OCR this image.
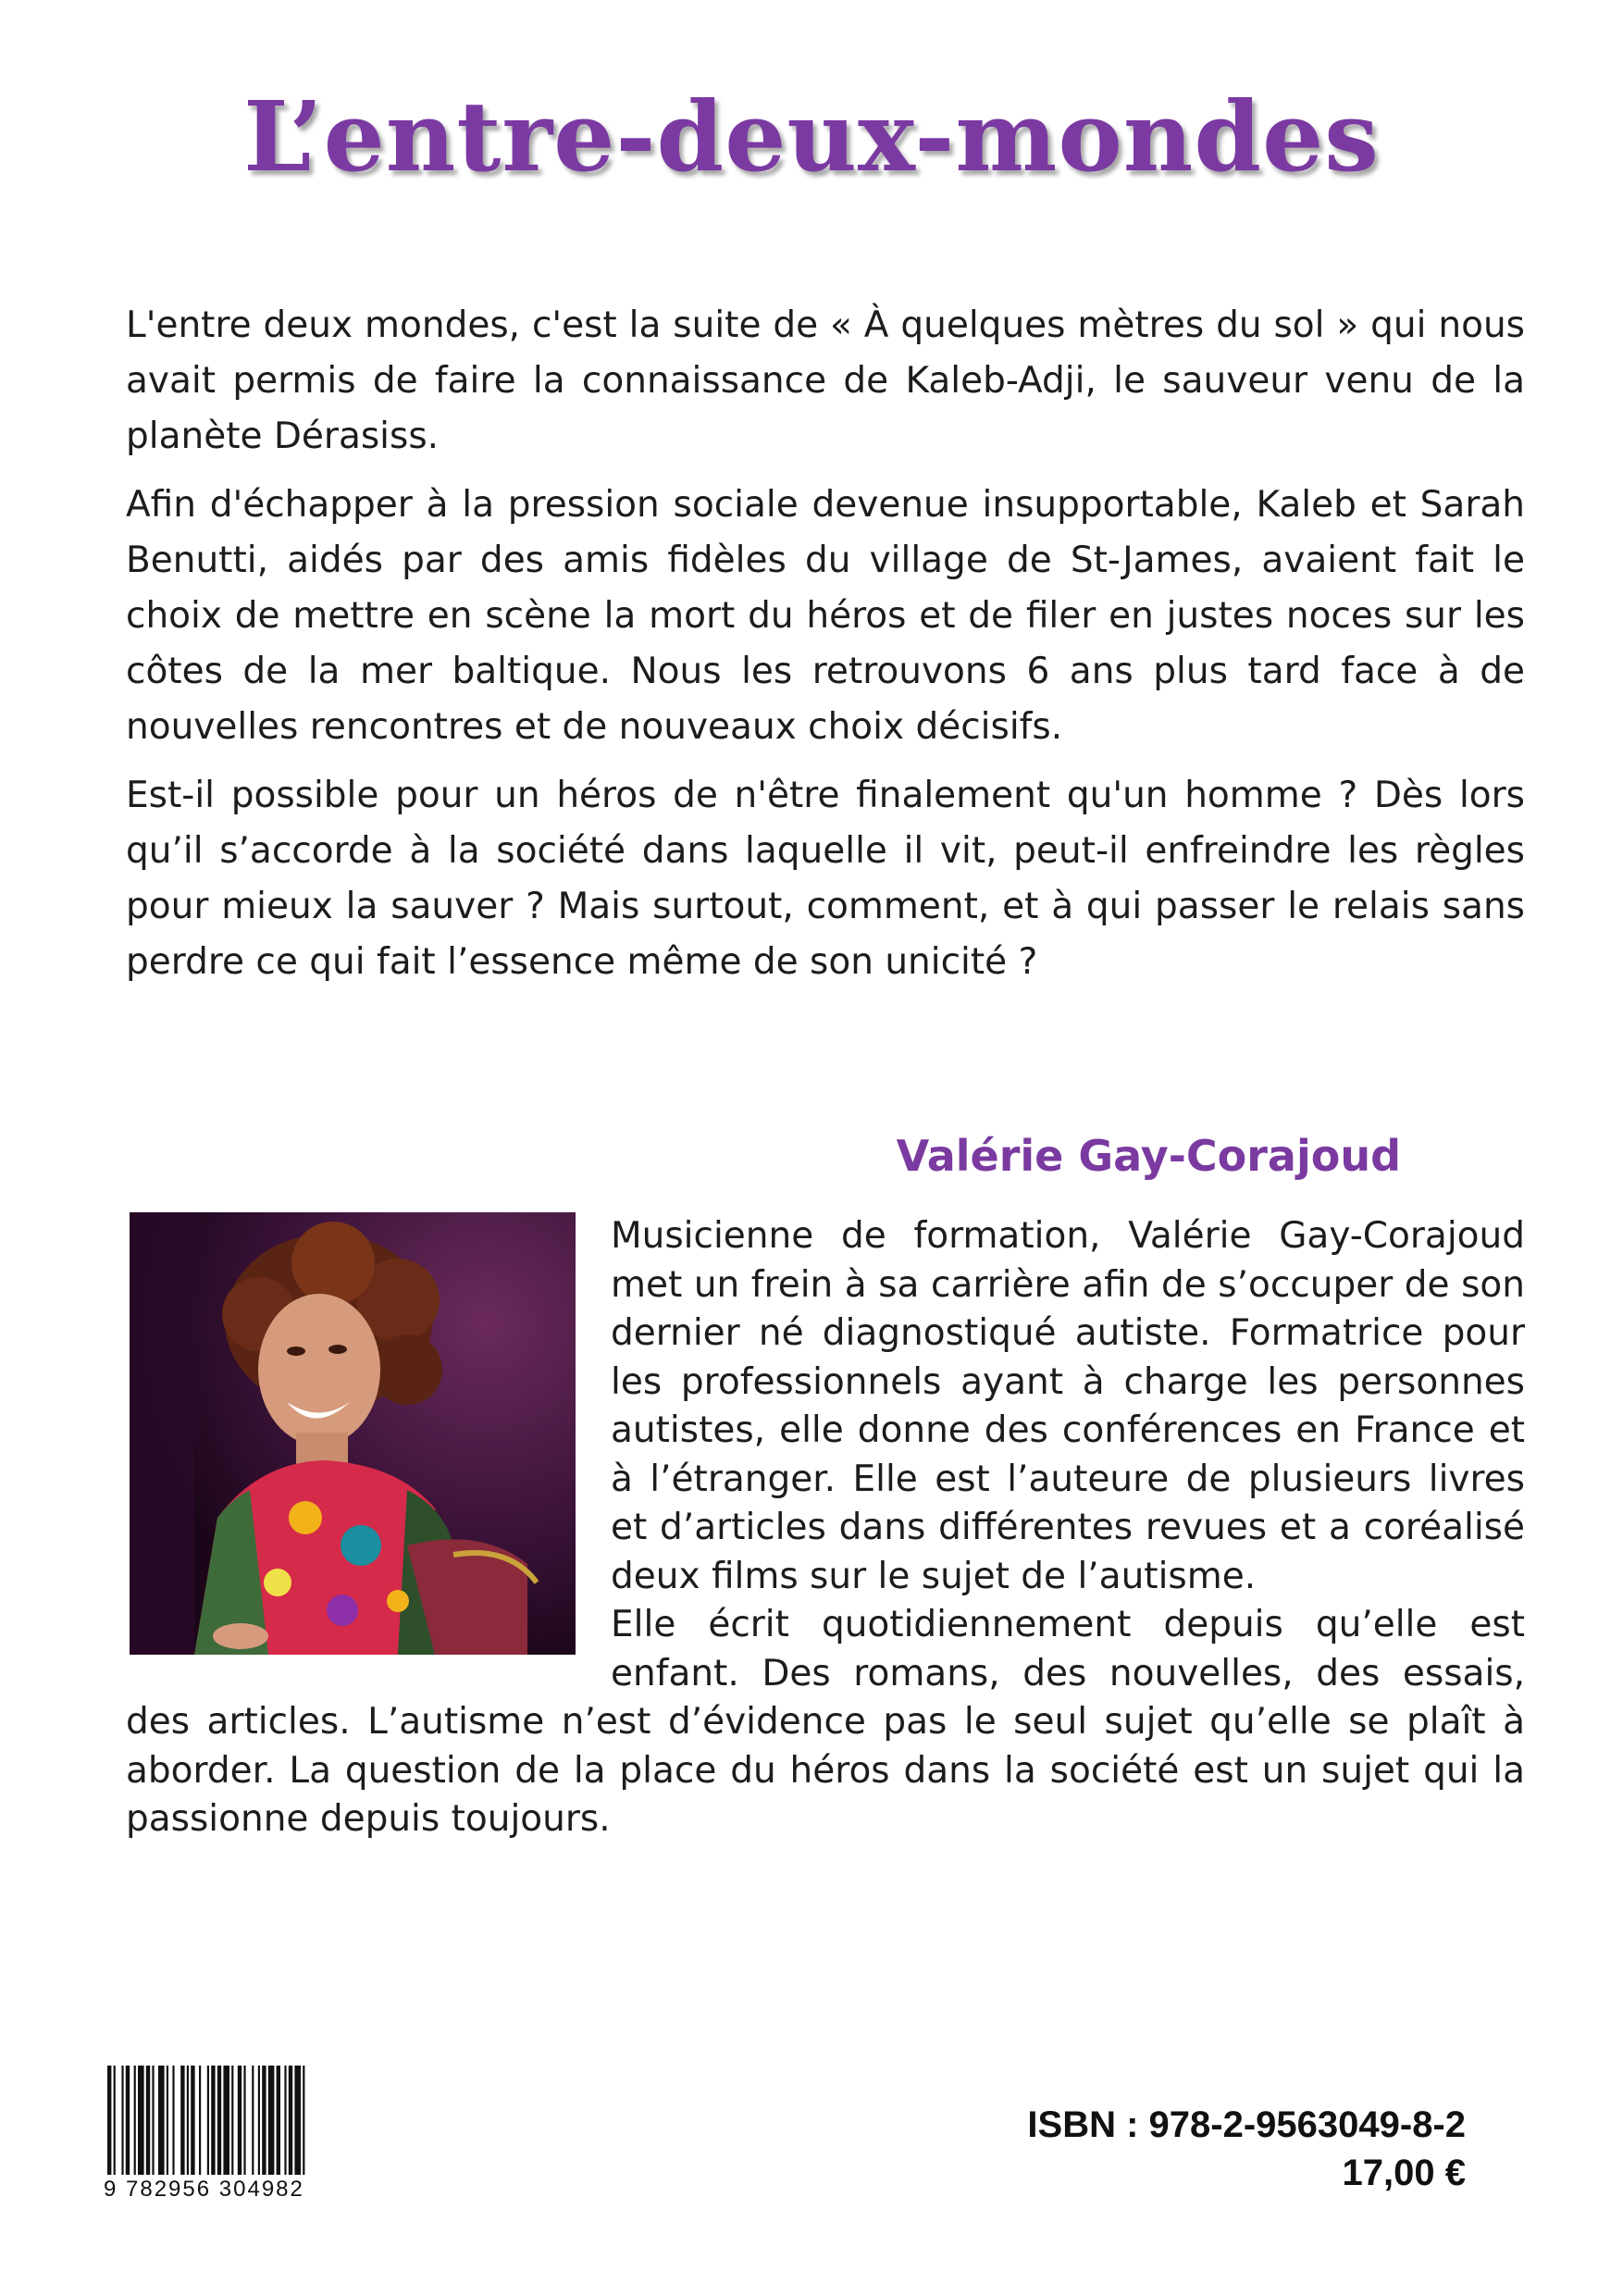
L’entre-deux-mondes

L'entre deux mondes, c'est la suite de « À quelques mètres du sol » qui nous avait permis de faire la connaissance de Kaleb-Adji, le sauveur venu de la planète Dérasiss.

Afin d'échapper à la pression sociale devenue insupportable, Kaleb et Sarah Benutti, aidés par des amis fidèles du village de St-James, avaient fait le choix de mettre en scène la mort du héros et de filer en justes noces sur les côtes de la mer baltique. Nous les retrouvons 6 ans plus tard face à de nouvelles rencontres et de nouveaux choix décisifs.

Est-il possible pour un héros de n'être finalement qu'un homme ? Dès lors qu’il s’accorde à la société dans laquelle il vit, peut-il enfreindre les règles pour mieux la sauver ? Mais surtout, comment, et à qui passer le relais sans perdre ce qui fait l’essence même de son unicité ?

Valérie Gay-Corajoud

Musicienne de formation, Valérie Gay-Corajoud met un frein à sa carrière afin de s’occuper de son dernier né diagnostiqué autiste. Formatrice pour les professionnels ayant à charge les personnes autistes, elle donne des conférences en France et à l’étranger. Elle est l’auteure de plusieurs livres et d’articles dans différentes revues et a coréalisé deux films sur le sujet de l’autisme.

Elle écrit quotidiennement depuis qu’elle est enfant. Des romans, des nouvelles, des essais, des articles. L’autisme n’est d’évidence pas le seul sujet qu’elle se plaît à aborder. La question de la place du héros dans la société est un sujet qui la passionne depuis toujours.

9 782956 304982

ISBN : 978-2-9563049-8-2

17,00 €
